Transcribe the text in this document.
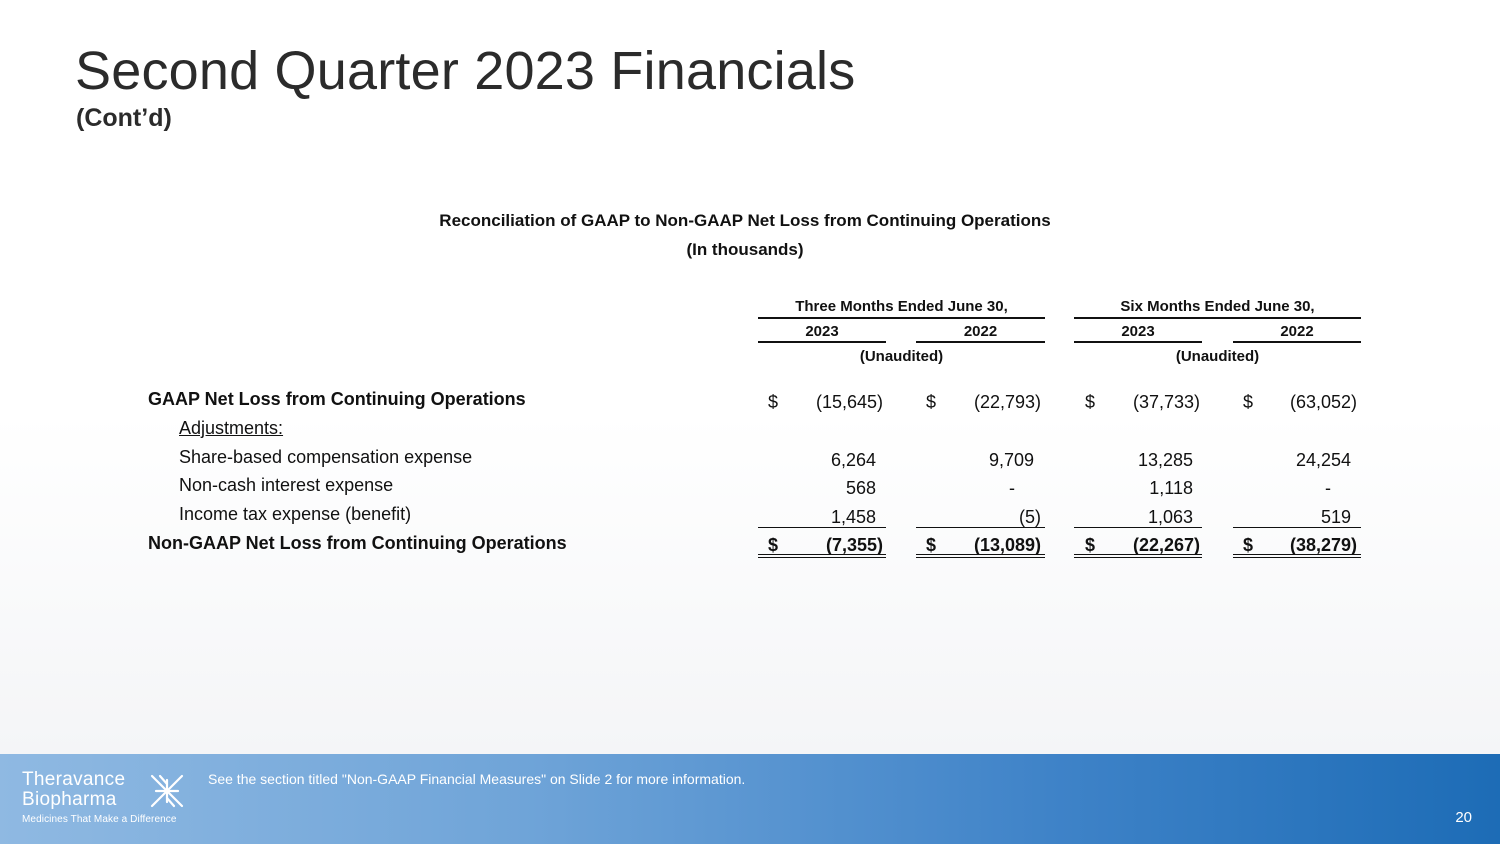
Second Quarter 2023 Financials
(Cont’d)
Reconciliation of GAAP to Non-GAAP Net Loss from Continuing Operations
(In thousands)
Three Months Ended June 30,	Six Months Ended June 30,
2023	2022	2023	2022
(Unaudited)	(Unaudited)
GAAP Net Loss from Continuing Operations	$	(15,645) $	(22,793) $	(37,733) $	(63,052)
Adjustments:
Share-based compensation expense	6,264	9,709	13,285	24,254
Non-cash interest expense	568	-	1,118	-
Income tax expense (benefit)	1,458	(5)	1,063	519
Non-GAAP Net Loss from Continuing Operations	$	(7,355) $	(13,089) $	(22,267) $	(38,279)
Theravance
Biopharma
Medicines That Make a Difference
See the section titled "Non-GAAP Financial Measures" on Slide 2 for more information.
20
